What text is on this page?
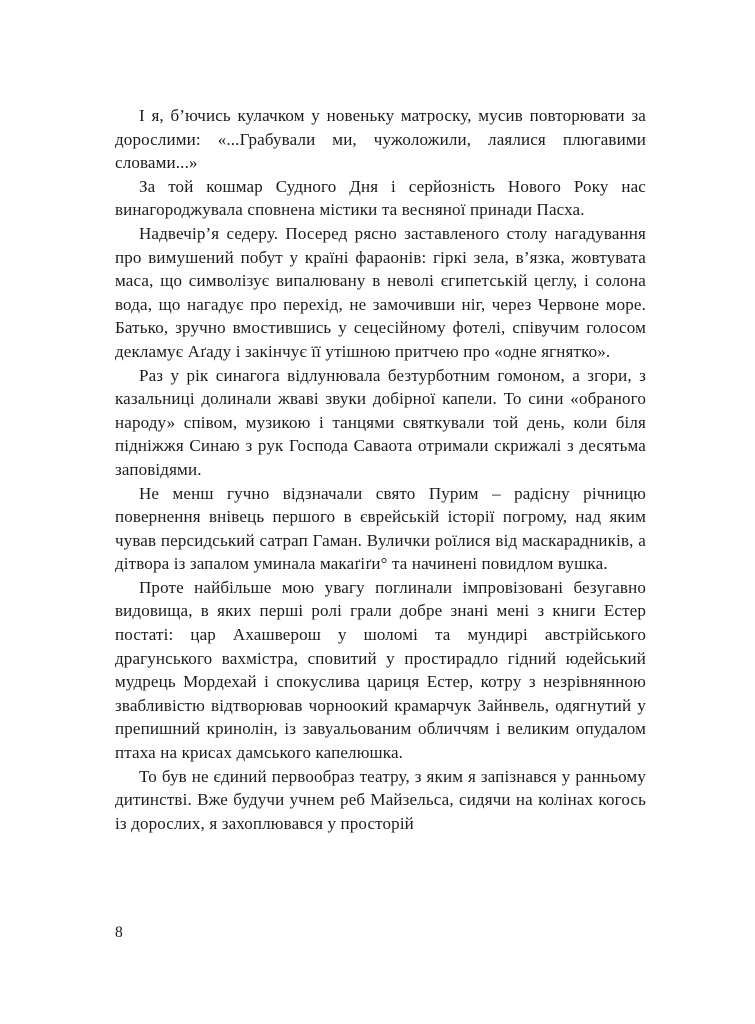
І я, б’ючись кулачком у новеньку матроску, мусив повторювати за дорослими: «...Грабували ми, чужоложили, лаялися плюгавими словами...»

За той кошмар Судного Дня і серйозність Нового Року нас винагороджувала сповнена містики та весняної принади Пасха.

Надвечір’я седеру. Посеред рясно заставленого столу нагадування про вимушений побут у країні фараонів: гіркі зела, в’язка, жовтувата маса, що символізує випалювану в неволі єгипетській цеглу, і солона вода, що нагадує про перехід, не замочивши ніг, через Червоне море. Батько, зручно вмостившись у сецесійному фотелі, співучим голосом декламує Аґаду і закінчує її утішною притчею про «одне ягнятко».

Раз у рік синагога відлунювала безтурботним гомоном, а згори, з казальниці долинали жваві звуки добірної капели. То сини «обраного народу» співом, музикою і танцями святкували той день, коли біля підніжжя Синаю з рук Господа Саваота отримали скрижалі з десятьма заповідями.

Не менш гучно відзначали свято Пурим – радісну річницю повернення внівець першого в єврейській історії погрому, над яким чував персидський сатрап Гаман. Вулички роїлися від маскарадників, а дітвора із запалом уминала макаґіґи° та начинені повидлом вушка.

Проте найбільше мою увагу поглинали імпровізовані безугавно видовища, в яких перші ролі грали добре знані мені з книги Естер постаті: цар Ахашверош у шоломі та мундирі австрійського драгунського вахмістра, сповитий у простирадло гідний юдейський мудрець Мордехай і спокуслива цариця Естер, котру з незрівнянною звабливістю відтворював чорноокий крамарчук Зайнвель, одягнутий у препишний кринолін, із завуальованим обличчям і великим опудалом птаха на крисах дамського капелюшка.

То був не єдиний первообраз театру, з яким я запізнався у ранньому дитинстві. Вже будучи учнем реб Майзельса, сидячи на колінах когось із дорослих, я захоплювався у просторій

8
